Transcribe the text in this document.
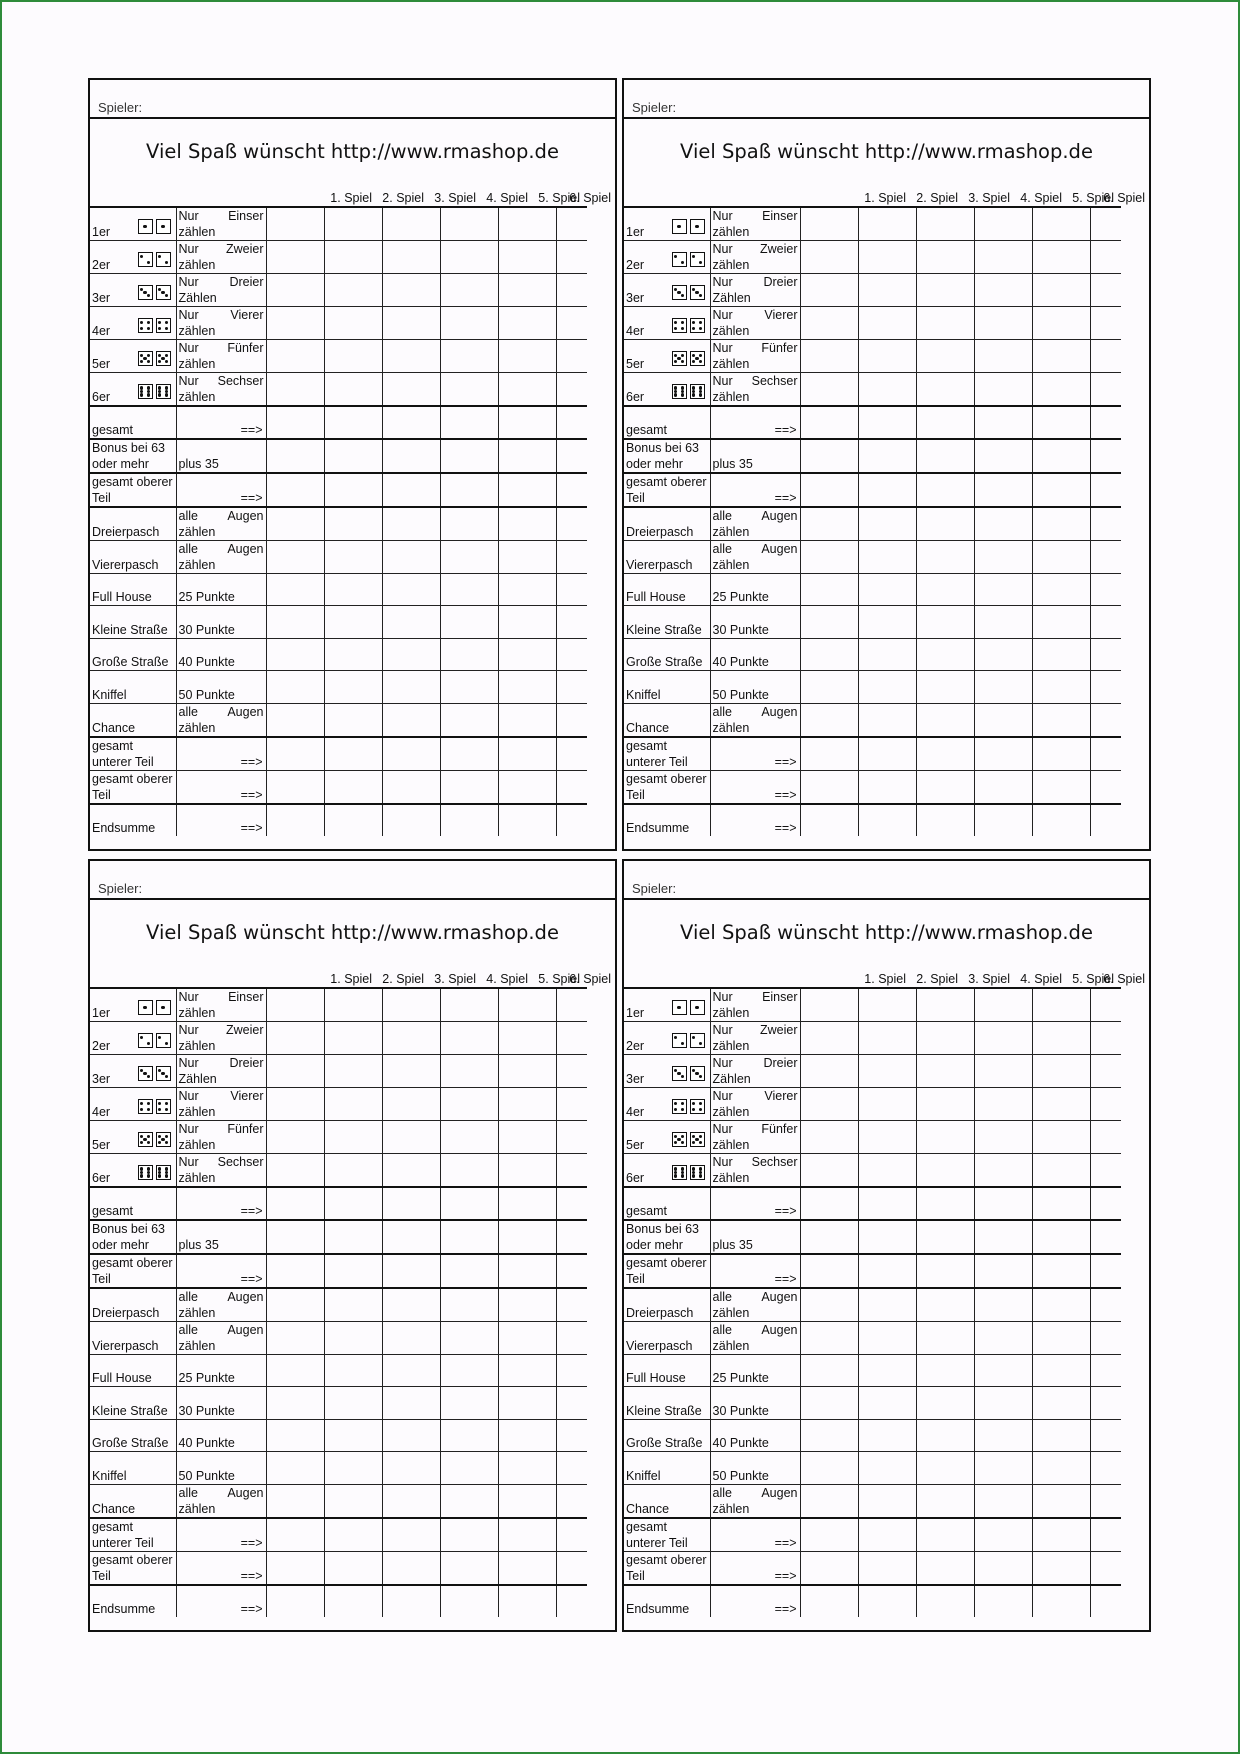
Spieler:
Viel Spaß wünscht http://www.rmashop.de
1. Spiel 2. Spiel 3. Spiel 4. Spiel 5. Spiel
6. Spiel
1er	Nur Einser
zählen						

2er	Nur Zweier
zählen						

3er	Nur Dreier
Zählen						

4er	Nur Vierer
zählen						

5er	Nur Fünfer
zählen						

6er	Nur Sechser
zählen						

gesamt	==>						

Bonus bei 63 oder mehr	plus 35						

gesamt oberer Teil	==>						

Dreierpasch	alle Augen
zählen						

Viererpasch	alle Augen
zählen						

Full House	25 Punkte						

Kleine Straße	30 Punkte						

Große Straße	40 Punkte						

Kniffel	50 Punkte						

Chance	alle Augen
zählen						

gesamt unterer Teil	==>						

gesamt oberer Teil	==>						

Endsumme	==>						

Spieler:
Viel Spaß wünscht http://www.rmashop.de
1. Spiel 2. Spiel 3. Spiel 4. Spiel 5. Spiel
6. Spiel
1er	Nur Einser
zählen						

2er	Nur Zweier
zählen						

3er	Nur Dreier
Zählen						

4er	Nur Vierer
zählen						

5er	Nur Fünfer
zählen						

6er	Nur Sechser
zählen						

gesamt	==>						

Bonus bei 63 oder mehr	plus 35						

gesamt oberer Teil	==>						

Dreierpasch	alle Augen
zählen						

Viererpasch	alle Augen
zählen						

Full House	25 Punkte						

Kleine Straße	30 Punkte						

Große Straße	40 Punkte						

Kniffel	50 Punkte						

Chance	alle Augen
zählen						

gesamt unterer Teil	==>						

gesamt oberer Teil	==>						

Endsumme	==>						

Spieler:
Viel Spaß wünscht http://www.rmashop.de
1. Spiel 2. Spiel 3. Spiel 4. Spiel 5. Spiel
6. Spiel
1er	Nur Einser
zählen						

2er	Nur Zweier
zählen						

3er	Nur Dreier
Zählen						

4er	Nur Vierer
zählen						

5er	Nur Fünfer
zählen						

6er	Nur Sechser
zählen						

gesamt	==>						

Bonus bei 63 oder mehr	plus 35						

gesamt oberer Teil	==>						

Dreierpasch	alle Augen
zählen						

Viererpasch	alle Augen
zählen						

Full House	25 Punkte						

Kleine Straße	30 Punkte						

Große Straße	40 Punkte						

Kniffel	50 Punkte						

Chance	alle Augen
zählen						

gesamt unterer Teil	==>						

gesamt oberer Teil	==>						

Endsumme	==>						

Spieler:
Viel Spaß wünscht http://www.rmashop.de
1. Spiel 2. Spiel 3. Spiel 4. Spiel 5. Spiel
6. Spiel
1er	Nur Einser
zählen						

2er	Nur Zweier
zählen						

3er	Nur Dreier
Zählen						

4er	Nur Vierer
zählen						

5er	Nur Fünfer
zählen						

6er	Nur Sechser
zählen						

gesamt	==>						

Bonus bei 63 oder mehr	plus 35						

gesamt oberer Teil	==>						

Dreierpasch	alle Augen
zählen						

Viererpasch	alle Augen
zählen						

Full House	25 Punkte						

Kleine Straße	30 Punkte						

Große Straße	40 Punkte						

Kniffel	50 Punkte						

Chance	alle Augen
zählen						

gesamt unterer Teil	==>						

gesamt oberer Teil	==>						

Endsumme	==>						
